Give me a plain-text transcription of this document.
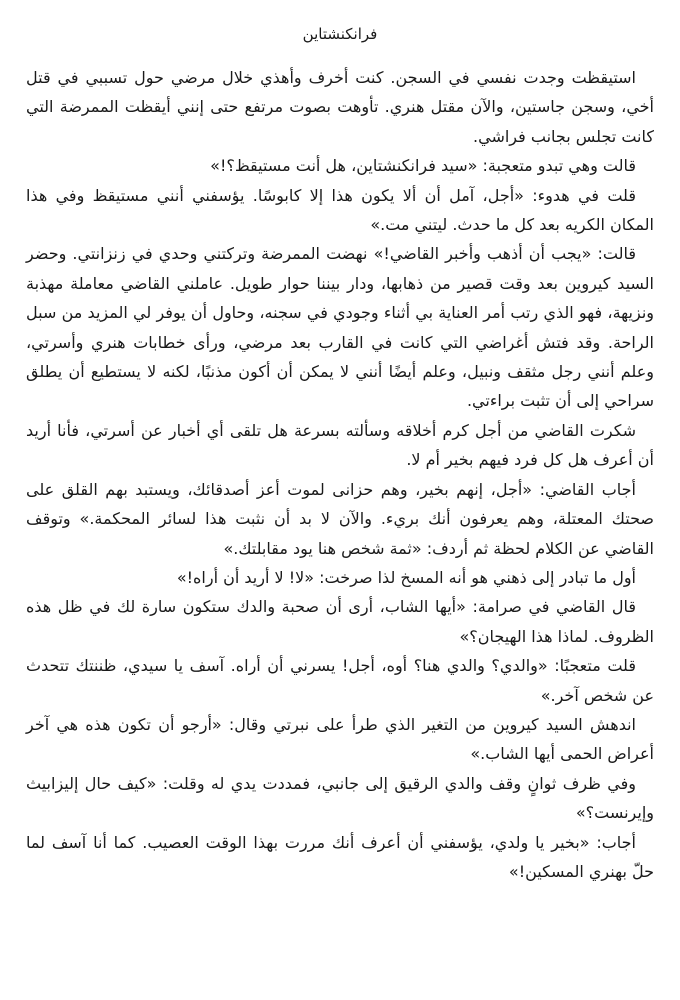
فرانكنشتاين

استيقظت وجدت نفسي في السجن. كنت أخرف وأهذي خلال مرضي حول تسببي في قتل أخي، وسجن جاستين، والآن مقتل هنري. تأوهت بصوت مرتفع حتى إنني أيقظت الممرضة التي كانت تجلس بجانب فراشي.

قالت وهي تبدو متعجبة: «سيد فرانكنشتاين، هل أنت مستيقظ؟!»

قلت في هدوء: «أجل، آمل أن ألا يكون هذا إلا كابوسًا. يؤسفني أنني مستيقظ وفي هذا المكان الكريه بعد كل ما حدث. ليتني مت.»

قالت: «يجب أن أذهب وأخبر القاضي!» نهضت الممرضة وتركتني وحدي في زنزانتي. وحضر السيد كيروين بعد وقت قصير من ذهابها، ودار بيننا حوار طويل. عاملني القاضي معاملة مهذبة ونزيهة، فهو الذي رتب أمر العناية بي أثناء وجودي في سجنه، وحاول أن يوفر لي المزيد من سبل الراحة. وقد فتش أغراضي التي كانت في القارب بعد مرضي، ورأى خطابات هنري وأسرتي، وعلم أنني رجل مثقف ونبيل، وعلم أيضًا أنني لا يمكن أن أكون مذنبًا، لكنه لا يستطيع أن يطلق سراحي إلى أن تثبت براءتي.

شكرت القاضي من أجل كرم أخلاقه وسألته بسرعة هل تلقى أي أخبار عن أسرتي، فأنا أريد أن أعرف هل كل فرد فيهم بخير أم لا.

أجاب القاضي: «أجل، إنهم بخير، وهم حزانى لموت أعز أصدقائك، ويستبد بهم القلق على صحتك المعتلة، وهم يعرفون أنك بريء. والآن لا بد أن نثبت هذا لسائر المحكمة.» وتوقف القاضي عن الكلام لحظة ثم أردف: «ثمة شخص هنا يود مقابلتك.»

أول ما تبادر إلى ذهني هو أنه المسخ لذا صرخت: «لا! لا أريد أن أراه!»

قال القاضي في صرامة: «أيها الشاب، أرى أن صحبة والدك ستكون سارة لك في ظل هذه الظروف. لماذا هذا الهيجان؟»

قلت متعجبًا: «والدي؟ والدي هنا؟ أوه، أجل! يسرني أن أراه. آسف يا سيدي، ظننتك تتحدث عن شخص آخر.»

اندهش السيد كيروين من التغير الذي طرأ على نبرتي وقال: «أرجو أن تكون هذه هي آخر أعراض الحمى أيها الشاب.»

وفي ظرف ثوانٍ وقف والدي الرقيق إلى جانبي، فمددت يدي له وقلت: «كيف حال إليزابيث وإيرنست؟»

أجاب: «بخير يا ولدي، يؤسفني أن أعرف أنك مررت بهذا الوقت العصيب. كما أنا آسف لما حلّ بهنري المسكين!»
